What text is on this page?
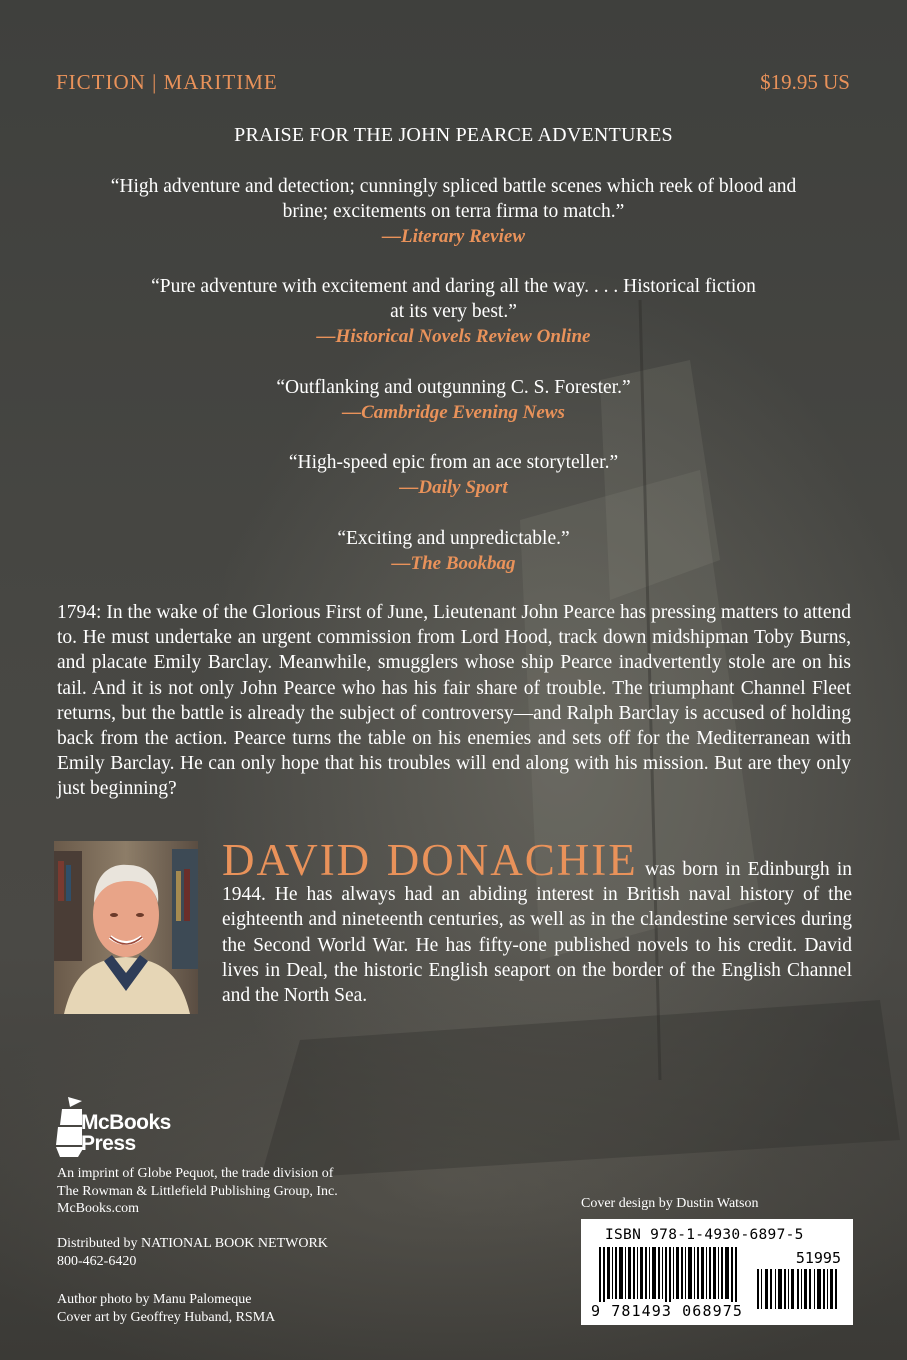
FICTION | MARITIME	$19.95 US
PRAISE FOR THE JOHN PEARCE ADVENTURES
“High adventure and detection; cunningly spliced battle scenes which reek of blood and
brine; excitements on terra firma to match.”
—Literary Review
“Pure adventure with excitement and daring all the way. . . . Historical fiction
at its very best.”
—Historical Novels Review Online
“Outflanking and outgunning C. S. Forester.”
—Cambridge Evening News
“High-speed epic from an ace storyteller.”
—Daily Sport
“Exciting and unpredictable.”
—The Bookbag

1794: In the wake of the Glorious First of June, Lieutenant John Pearce has pressing matters to attend to. He must undertake an urgent commission from Lord Hood, track down midshipman Toby Burns, and placate Emily Barclay. Meanwhile, smugglers whose ship Pearce inadvertently stole are on his tail. And it is not only John Pearce who has his fair share of trouble. The triumphant Channel Fleet returns, but the battle is already the subject of controversy—and Ralph Barclay is accused of holding back from the action. Pearce turns the table on his enemies and sets off for the Mediterranean with Emily Barclay. He can only hope that his troubles will end along with his mission. But are they only just beginning?

DAVID DONACHIE was born in Edinburgh in 1944. He has always had an abiding interest in British naval history of the eighteenth and nineteenth centuries, as well as in the clandestine services during the Second World War. He has fifty-one published novels to his credit. David lives in Deal, the historic English seaport on the border of the English Channel and the North Sea.

McBooks
Press
An imprint of Globe Pequot, the trade division of
The Rowman & Littlefield Publishing Group, Inc.
McBooks.com
Distributed by NATIONAL BOOK NETWORK
800-462-6420
Author photo by Manu Palomeque
Cover art by Geoffrey Huband, RSMA
Cover design by Dustin Watson
ISBN 978-1-4930-6897-5
51995
9 781493 068975
